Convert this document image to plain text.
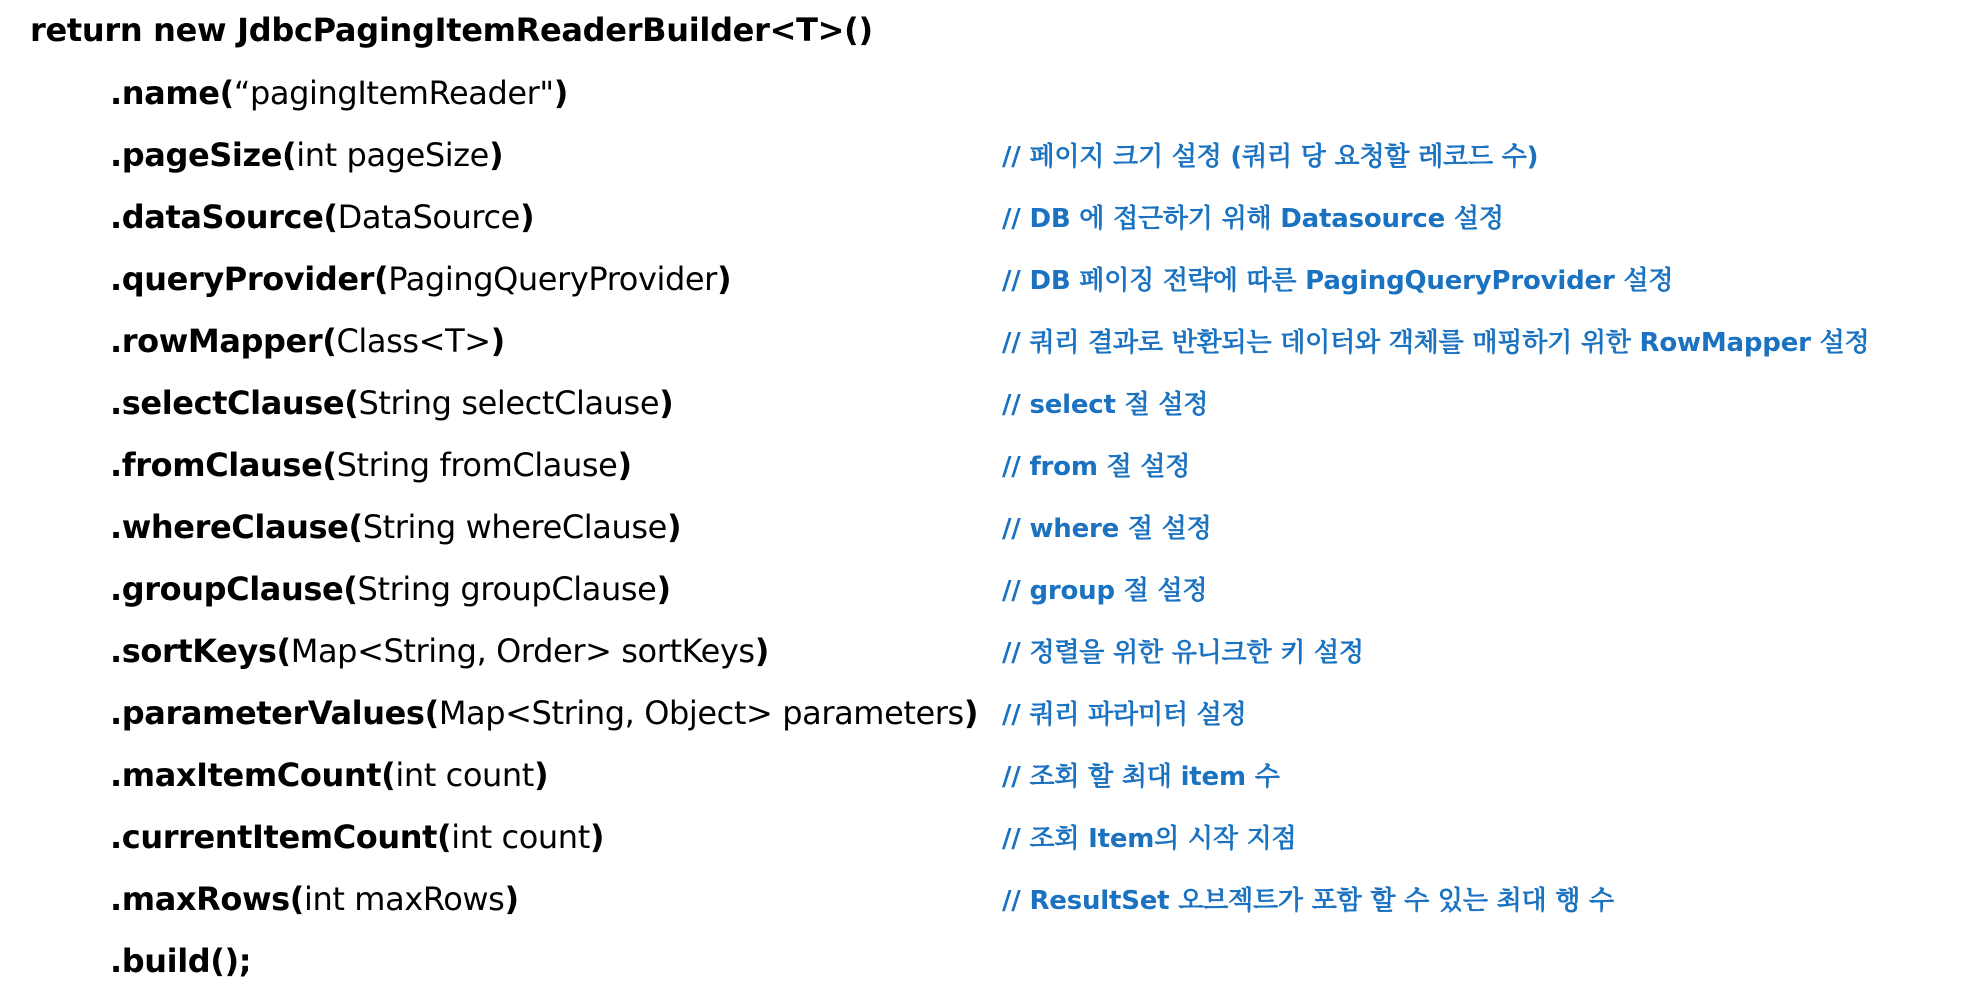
return new JdbcPagingItemReaderBuilder<T>()
.name(“pagingItemReader")
.pageSize(int pageSize)	// 페이지 크기 설정 (쿼리 당 요청할 레코드 수)
.dataSource(DataSource)	// DB 에 접근하기 위해 Datasource 설정
.queryProvider(PagingQueryProvider)	// DB 페이징 전략에 따른 PagingQueryProvider 설정
.rowMapper(Class<T>)	// 쿼리 결과로 반환되는 데이터와 객체를 매핑하기 위한 RowMapper 설정
.selectClause(String selectClause)	// select 절 설정
.fromClause(String fromClause)	// from 절 설정
.whereClause(String whereClause)	// where 절 설정
.groupClause(String groupClause)	// group 절 설정
.sortKeys(Map<String, Order> sortKeys)	// 정렬을 위한 유니크한 키 설정
.parameterValues(Map<String, Object> parameters) // 쿼리 파라미터 설정
.maxItemCount(int count)	// 조회 할 최대 item 수
.currentItemCount(int count)	// 조회 Item의 시작 지점
.maxRows(int maxRows)	// ResultSet 오브젝트가 포함 할 수 있는 최대 행 수
.build();
